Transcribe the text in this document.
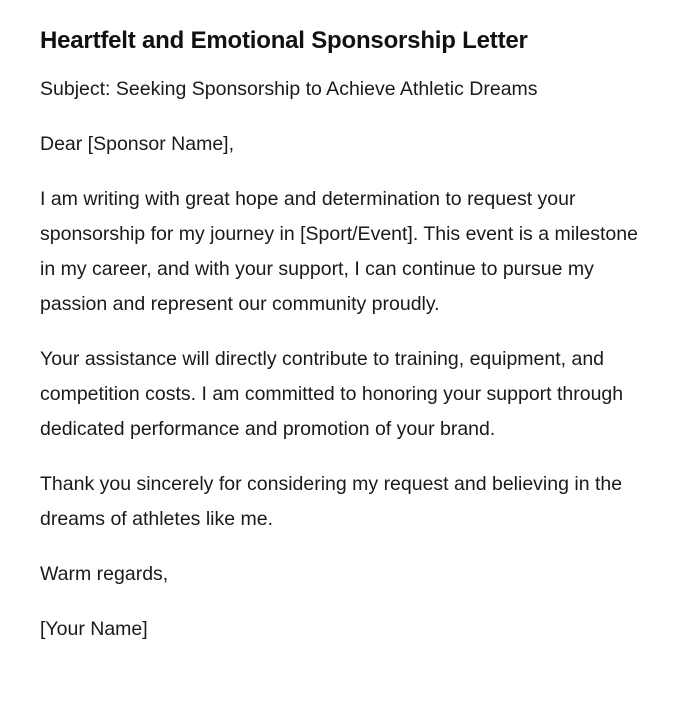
Heartfelt and Emotional Sponsorship Letter

Subject: Seeking Sponsorship to Achieve Athletic Dreams

Dear [Sponsor Name],

I am writing with great hope and determination to request your sponsorship for my journey in [Sport/Event]. This event is a milestone in my career, and with your support, I can continue to pursue my passion and represent our community proudly.

Your assistance will directly contribute to training, equipment, and competition costs. I am committed to honoring your support through dedicated performance and promotion of your brand.

Thank you sincerely for considering my request and believing in the dreams of athletes like me.

Warm regards,

[Your Name]
